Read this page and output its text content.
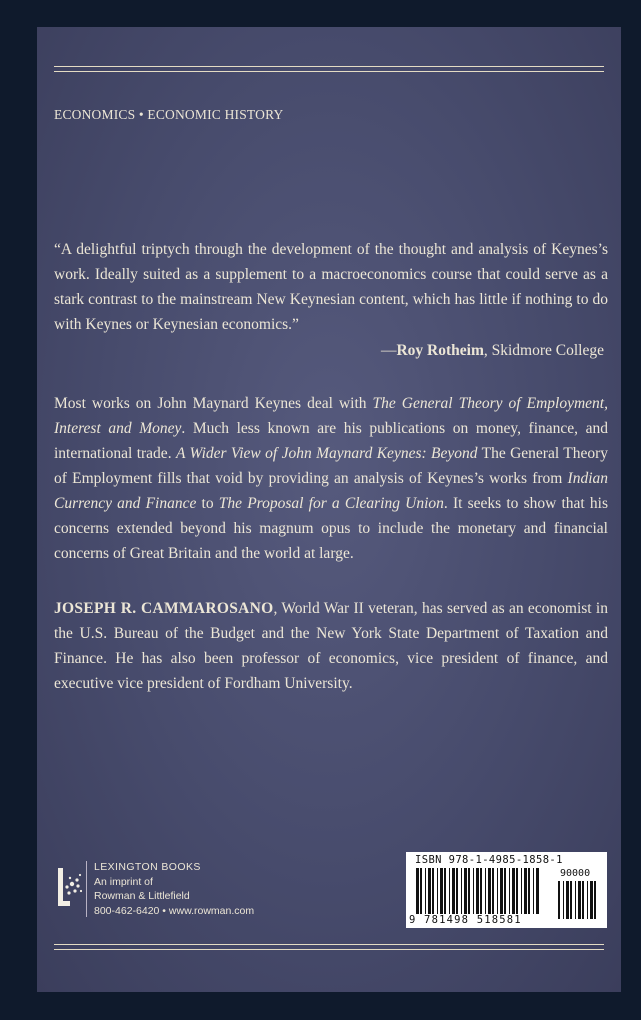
ECONOMICS • ECONOMIC HISTORY

“A delightful triptych through the development of the thought and analysis of Keynes’s work. Ideally suited as a supplement to a macroeconomics course that could serve as a stark contrast to the mainstream New Keynesian content, which has little if nothing to do with Keynes or Keynesian economics.”

—Roy Rotheim, Skidmore College

Most works on John Maynard Keynes deal with The General Theory of Employment, Interest and Money. Much less known are his publications on money, finance, and international trade. A Wider View of John Maynard Keynes: Beyond The General Theory of Employment fills that void by providing an analysis of Keynes’s works from Indian Currency and Finance to The Proposal for a Clearing Union. It seeks to show that his concerns extended beyond his magnum opus to include the monetary and financial concerns of Great Britain and the world at large.

JOSEPH R. CAMMAROSANO, World War II veteran, has served as an economist in the U.S. Bureau of the Budget and the New York State Department of Taxation and Finance. He has also been professor of economics, vice president of finance, and executive vice president of Fordham University.

LEXINGTON BOOKS
An imprint of
Rowman & Littlefield
800-462-6420 • www.rowman.com
ISBN 978-1-4985-1858-1
90000
9 781498 518581
